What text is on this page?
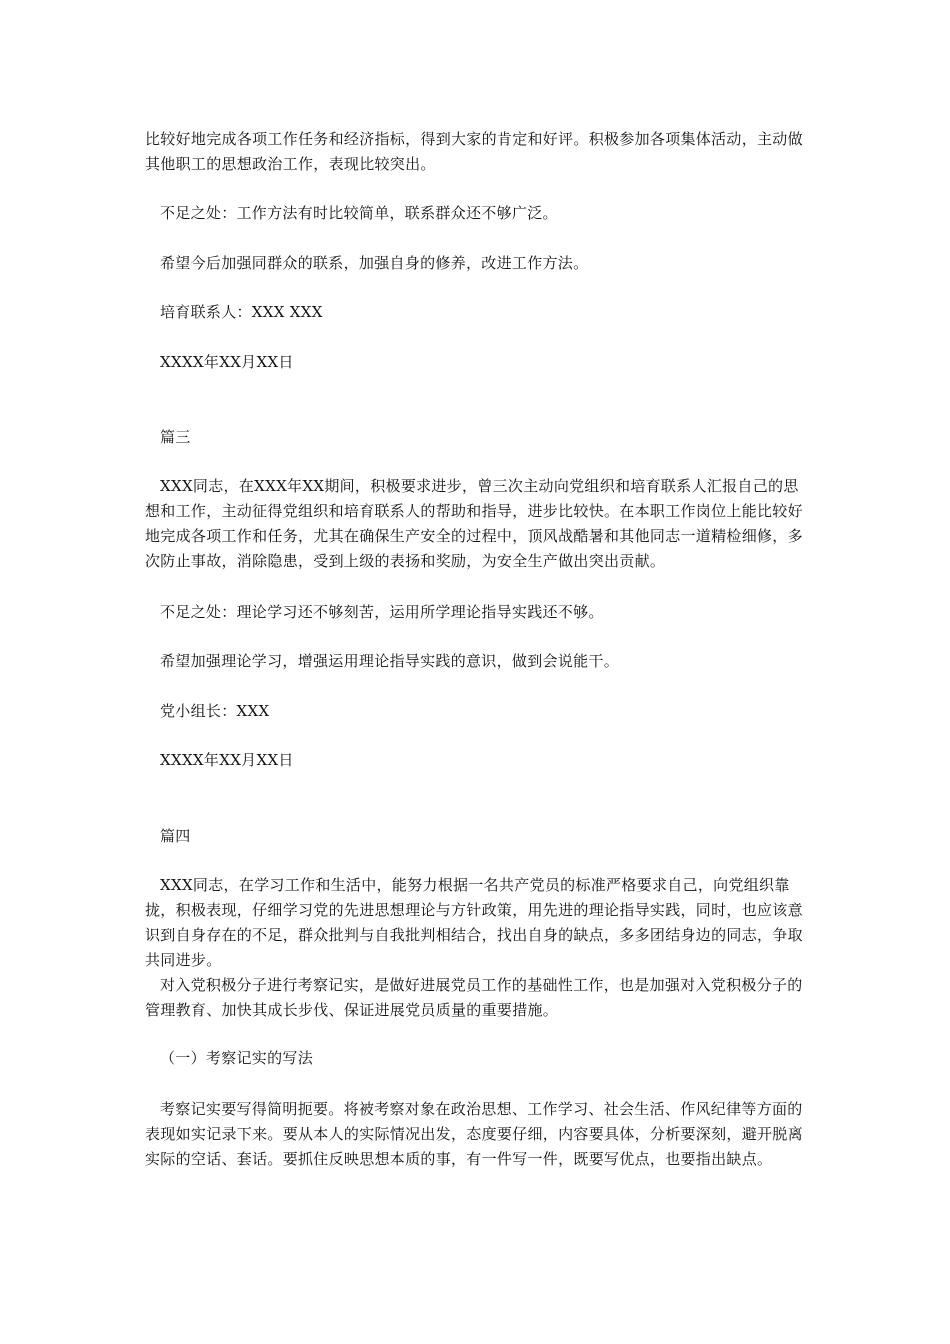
比较好地完成各项工作任务和经济指标，得到大家的肯定和好评。积极参加各项集体活动，主动做其他职工的思想政治工作，表现比较突出。

不足之处：工作方法有时比较简单，联系群众还不够广泛。

希望今后加强同群众的联系，加强自身的修养，改进工作方法。

培育联系人：XXX XXX

XXXX年XX月XX日

篇三

XXX同志，在XXX年XX期间，积极要求进步，曾三次主动向党组织和培育联系人汇报自己的思想和工作，主动征得党组织和培育联系人的帮助和指导，进步比较快。在本职工作岗位上能比较好地完成各项工作和任务，尤其在确保生产安全的过程中，顶风战酷暑和其他同志一道精检细修，多次防止事故，消除隐患，受到上级的表扬和奖励，为安全生产做出突出贡献。

不足之处：理论学习还不够刻苦，运用所学理论指导实践还不够。

希望加强理论学习，增强运用理论指导实践的意识，做到会说能干。

党小组长：XXX

XXXX年XX月XX日

篇四

XXX同志，在学习工作和生活中，能努力根据一名共产党员的标准严格要求自己，向党组织靠拢，积极表现，仔细学习党的先进思想理论与方针政策，用先进的理论指导实践，同时，也应该意识到自身存在的不足，群众批判与自我批判相结合，找出自身的缺点，多多团结身边的同志，争取共同进步。

对入党积极分子进行考察记实，是做好进展党员工作的基础性工作，也是加强对入党积极分子的管理教育、加快其成长步伐、保证进展党员质量的重要措施。

（一）考察记实的写法

考察记实要写得简明扼要。将被考察对象在政治思想、工作学习、社会生活、作风纪律等方面的表现如实记录下来。要从本人的实际情况出发，态度要仔细，内容要具体，分析要深刻，避开脱离实际的空话、套话。要抓住反映思想本质的事，有一件写一件，既要写优点，也要指出缺点。
